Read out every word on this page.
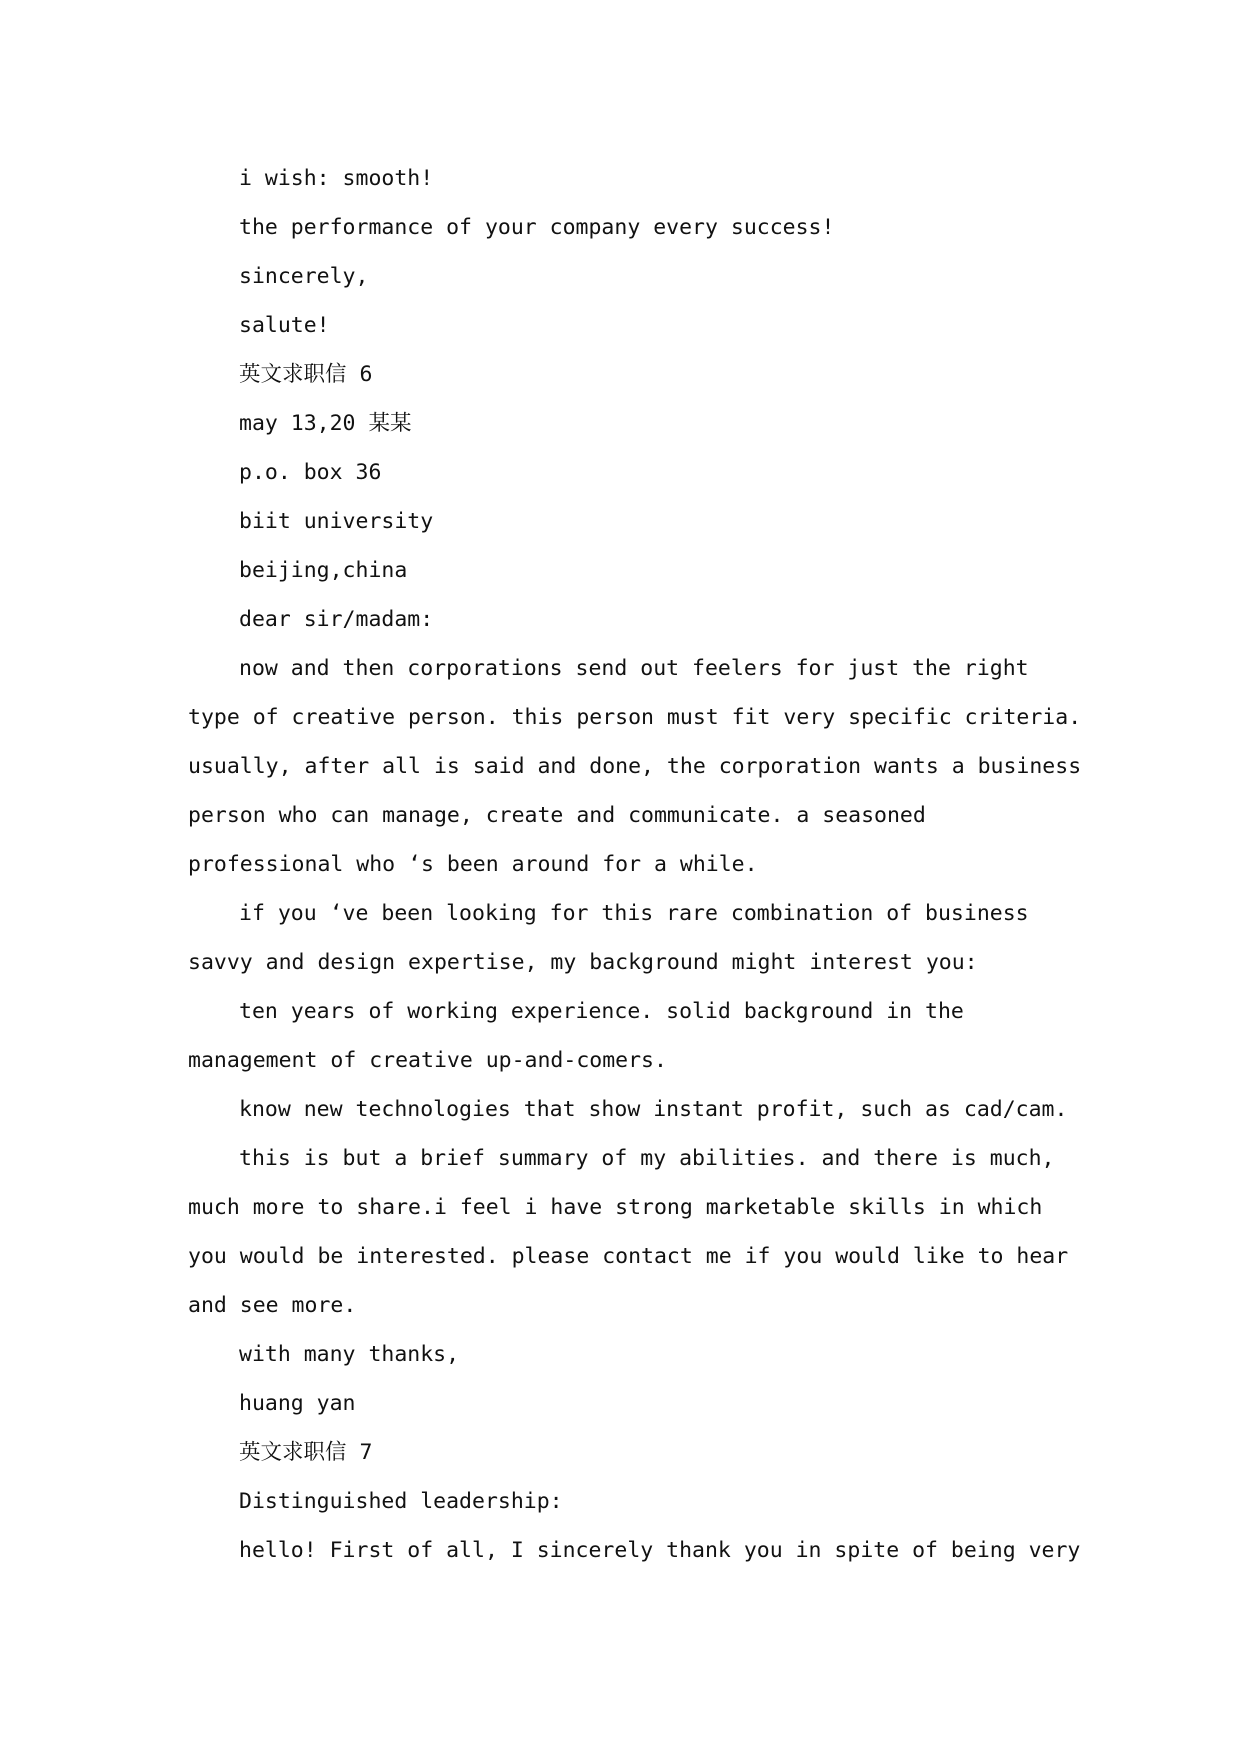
i wish: smooth!

the performance of your company every success!

sincerely,

salute!

英文求职信 6

may 13,20 某某

p.o. box 36

biit university

beijing,china

dear sir/madam:

now and then corporations send out feelers for just the right

type of creative person. this person must fit very specific criteria.

usually, after all is said and done, the corporation wants a business

person who can manage, create and communicate. a seasoned

professional who ‘s been around for a while.

if you ‘ve been looking for this rare combination of business

savvy and design expertise, my background might interest you:

ten years of working experience. solid background in the

management of creative up-and-comers.

know new technologies that show instant profit, such as cad/cam.

this is but a brief summary of my abilities. and there is much,

much more to share.i feel i have strong marketable skills in which

you would be interested. please contact me if you would like to hear

and see more.

with many thanks,

huang yan

英文求职信 7

Distinguished leadership:

hello! First of all, I sincerely thank you in spite of being very
